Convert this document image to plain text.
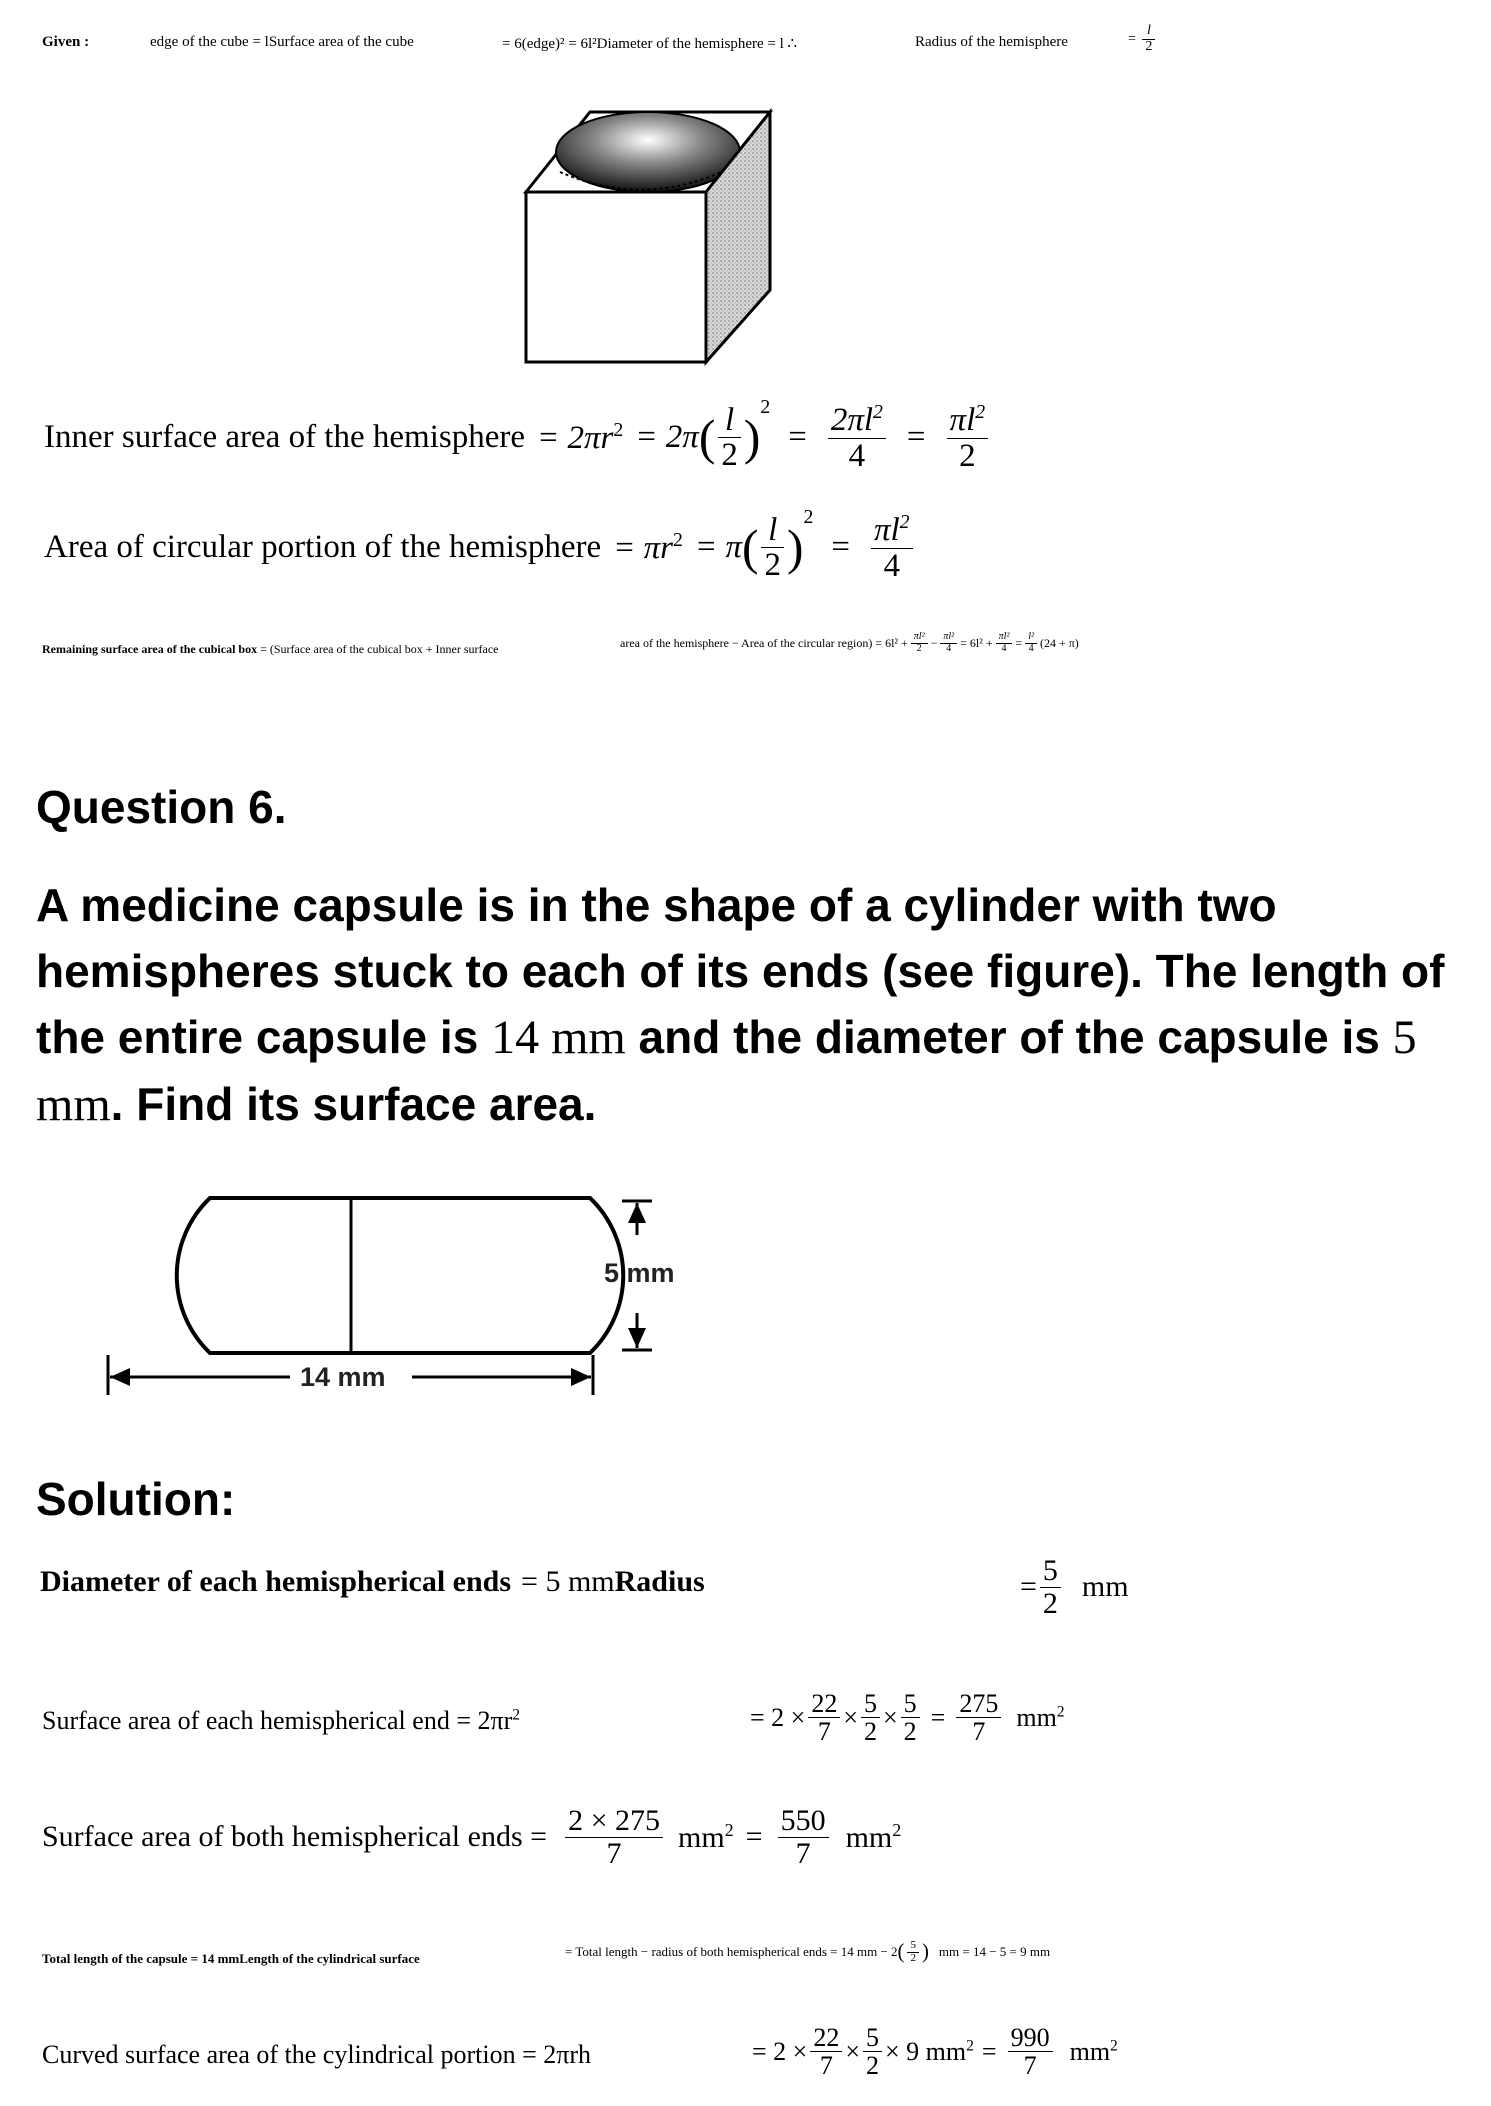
Given :	edge of the cube = lSurface area of the cube	= 6(edge)² = 6l²Diameter of the hemisphere = l ∴	Radius of the hemisphere	= $\frac{l}{2}$
Inner surface area of the hemisphere = $2\pi r^2 = 2\pi$ ( $\frac{l}{2}$ )
$^2$
= $\frac{2\pi l^2}{4} = \frac{\pi l^2}{2}$
Area of circular portion of the hemisphere = $\pi r^2 = \pi$ ( $\frac{l}{2}$ )
$^2$
= $\frac{\pi l^2}{4}$
Remaining surface area of the cubical box = (Surface area of the cubical box + Inner surface	area of the hemisphere − Area of the circular region) = $6l^2 + \frac{\text{πl²}}{2} - \frac{\text{πl²}}{4} = 6l^2 + \frac{\text{πl²}}{4} = \frac{\text{l²}}{4} (24 + \pi)$
Question 6.
A medicine capsule is in the shape of a cylinder with two hemispheres stuck to each of its ends (see figure). The length of the entire capsule is 14 mm and the diameter of the capsule is 5 mm. Find its surface area.
5 mm
14 mm
Solution:
Diameter of each hemispherical ends = 5 mm Radius	= $\frac{5}{2}$ mm
Surface area of each hemispherical end = $2\pi r^2$	= $2 \times \frac{22}{7} \times \frac{5}{2} \times \frac{5}{2} = \frac{275}{7} mm^2$
Surface area of both hemispherical ends = $\frac{2 \times 275}{7} mm^2 = \frac{550}{7} mm^2$
Total length of the capsule = 14 mmLength of the cylindrical surface	= Total length − radius of both hemispherical ends = 14 mm − 2 ( $\frac{5}{2}$ ) mm = 14 − 5 = 9 mm
Curved surface area of the cylindrical portion = 2πrh	= $2 \times \frac{22}{7} \times \frac{5}{2} \times 9$ $mm^2 = \frac{990}{7} mm^2$
